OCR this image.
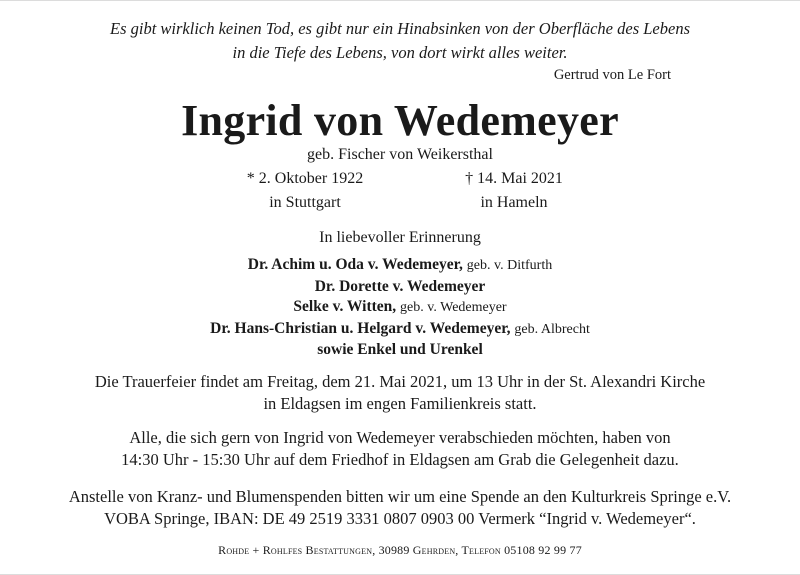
Es gibt wirklich keinen Tod, es gibt nur ein Hinabsinken von der Oberfläche des Lebens
in die Tiefe des Lebens, von dort wirkt alles weiter.
Gertrud von Le Fort
Ingrid von Wedemeyer
geb. Fischer von Weikersthal
* 2. Oktober 1922
in Stuttgart
† 14. Mai 2021
in Hameln
In liebevoller Erinnerung
Dr. Achim u. Oda v. Wedemeyer, geb. v. Ditfurth
Dr. Dorette v. Wedemeyer
Selke v. Witten, geb. v. Wedemeyer
Dr. Hans-Christian u. Helgard v. Wedemeyer, geb. Albrecht
sowie Enkel und Urenkel
Die Trauerfeier findet am Freitag, dem 21. Mai 2021, um 13 Uhr in der St. Alexandri Kirche
in Eldagsen im engen Familienkreis statt.
Alle, die sich gern von Ingrid von Wedemeyer verabschieden möchten, haben von
14:30 Uhr - 15:30 Uhr auf dem Friedhof in Eldagsen am Grab die Gelegenheit dazu.
Anstelle von Kranz- und Blumenspenden bitten wir um eine Spende an den Kulturkreis Springe e.V.
VOBA Springe, IBAN: DE 49 2519 3331 0807 0903 00 Vermerk “Ingrid v. Wedemeyer“.
Rohde + Rohlfes Bestattungen, 30989 Gehrden, Telefon 05108 92 99 77
